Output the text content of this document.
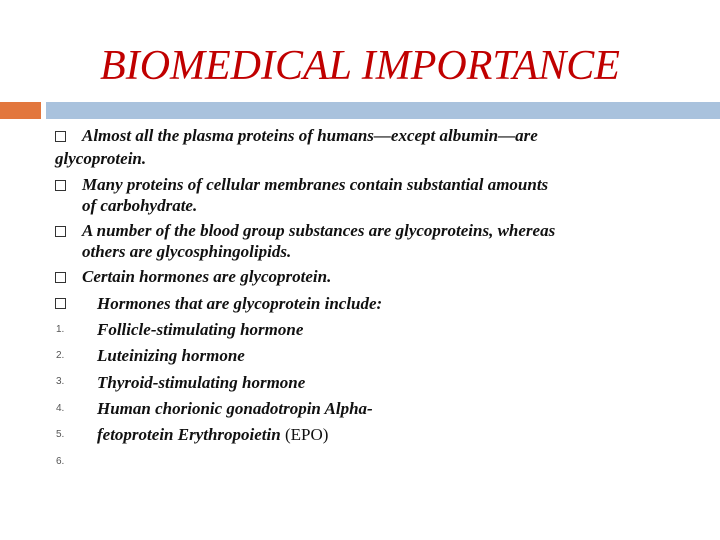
BIOMEDICAL IMPORTANCE
Almost all the plasma proteins of humans—except albumin—are
glycoprotein.
Many proteins of cellular membranes contain substantial amounts
of carbohydrate.
A number of the blood group substances are glycoproteins, whereas
others are glycosphingolipids.
Certain hormones are glycoprotein.
Hormones that are glycoprotein include:
1. Follicle-stimulating hormone
2. Luteinizing hormone
3. Thyroid-stimulating hormone
4. Human chorionic gonadotropin Alpha-
5. fetoprotein Erythropoietin (EPO)
6.
